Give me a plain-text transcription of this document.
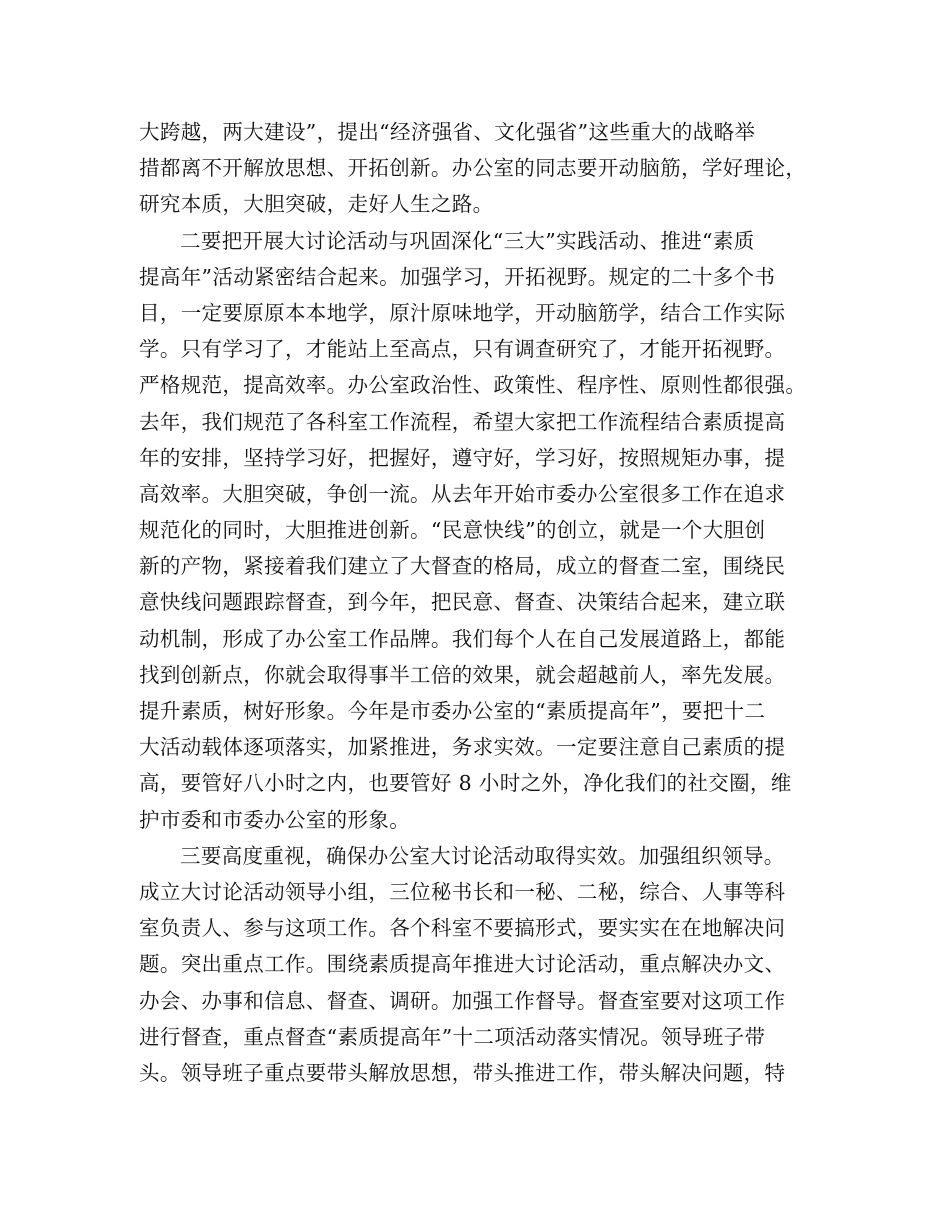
大跨越，两大建设”，提出“经济强省、文化强省”这些重大的战略举
措都离不开解放思想、开拓创新。办公室的同志要开动脑筋，学好理论，
研究本质，大胆突破，走好人生之路。
二要把开展大讨论活动与巩固深化“三大”实践活动、推进“素质
提高年”活动紧密结合起来。加强学习，开拓视野。规定的二十多个书
目，一定要原原本本地学，原汁原味地学，开动脑筋学，结合工作实际
学。只有学习了，才能站上至高点，只有调查研究了，才能开拓视野。
严格规范，提高效率。办公室政治性、政策性、程序性、原则性都很强。
去年，我们规范了各科室工作流程，希望大家把工作流程结合素质提高
年的安排，坚持学习好，把握好，遵守好，学习好，按照规矩办事，提
高效率。大胆突破，争创一流。从去年开始市委办公室很多工作在追求
规范化的同时，大胆推进创新。“民意快线”的创立，就是一个大胆创
新的产物，紧接着我们建立了大督查的格局，成立的督查二室，围绕民
意快线问题跟踪督查，到今年，把民意、督查、决策结合起来，建立联
动机制，形成了办公室工作品牌。我们每个人在自己发展道路上，都能
找到创新点，你就会取得事半工倍的效果，就会超越前人，率先发展。
提升素质，树好形象。今年是市委办公室的“素质提高年”，要把十二
大活动载体逐项落实，加紧推进，务求实效。一定要注意自己素质的提
高，要管好八小时之内，也要管好 8 小时之外，净化我们的社交圈，维
护市委和市委办公室的形象。
三要高度重视，确保办公室大讨论活动取得实效。加强组织领导。
成立大讨论活动领导小组，三位秘书长和一秘、二秘，综合、人事等科
室负责人、参与这项工作。各个科室不要搞形式，要实实在在地解决问
题。突出重点工作。围绕素质提高年推进大讨论活动，重点解决办文、
办会、办事和信息、督查、调研。加强工作督导。督查室要对这项工作
进行督查，重点督查“素质提高年”十二项活动落实情况。领导班子带
头。领导班子重点要带头解放思想，带头推进工作，带头解决问题，特
